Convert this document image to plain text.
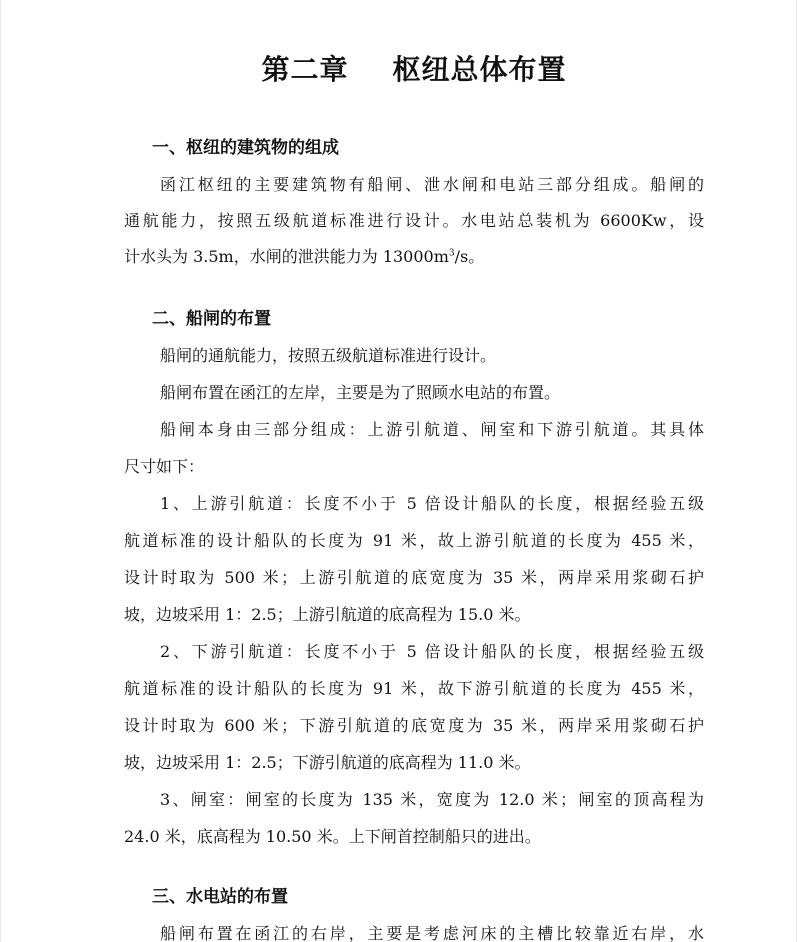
第二章 枢纽总体布置
一、枢纽的建筑物的组成
函江枢纽的主要建筑物有船闸、泄水闸和电站三部分组成。船闸的
通航能力，按照五级航道标准进行设计。水电站总装机为 6600Kw，设
计水头为 3.5m，水闸的泄洪能力为 $13000m^3/s$。
二、船闸的布置
船闸的通航能力，按照五级航道标准进行设计。
船闸布置在函江的左岸，主要是为了照顾水电站的布置。
船闸本身由三部分组成：上游引航道、闸室和下游引航道。其具体
尺寸如下：
1、上游引航道：长度不小于 5 倍设计船队的长度，根据经验五级
航道标准的设计船队的长度为 91 米，故上游引航道的长度为 455 米，
设计时取为 500 米；上游引航道的底宽度为 35 米，两岸采用浆砌石护
坡，边坡采用 1：2.5；上游引航道的底高程为 15.0 米。
2、下游引航道：长度不小于 5 倍设计船队的长度，根据经验五级
航道标准的设计船队的长度为 91 米，故下游引航道的长度为 455 米，
设计时取为 600 米；下游引航道的底宽度为 35 米，两岸采用浆砌石护
坡，边坡采用 1：2.5；下游引航道的底高程为 11.0 米。
3、闸室：闸室的长度为 135 米，宽度为 12.0 米；闸室的顶高程为
24.0 米，底高程为 10.50 米。上下闸首控制船只的进出。
三、水电站的布置
船闸布置在函江的右岸，主要是考虑河床的主槽比较靠近右岸，水
